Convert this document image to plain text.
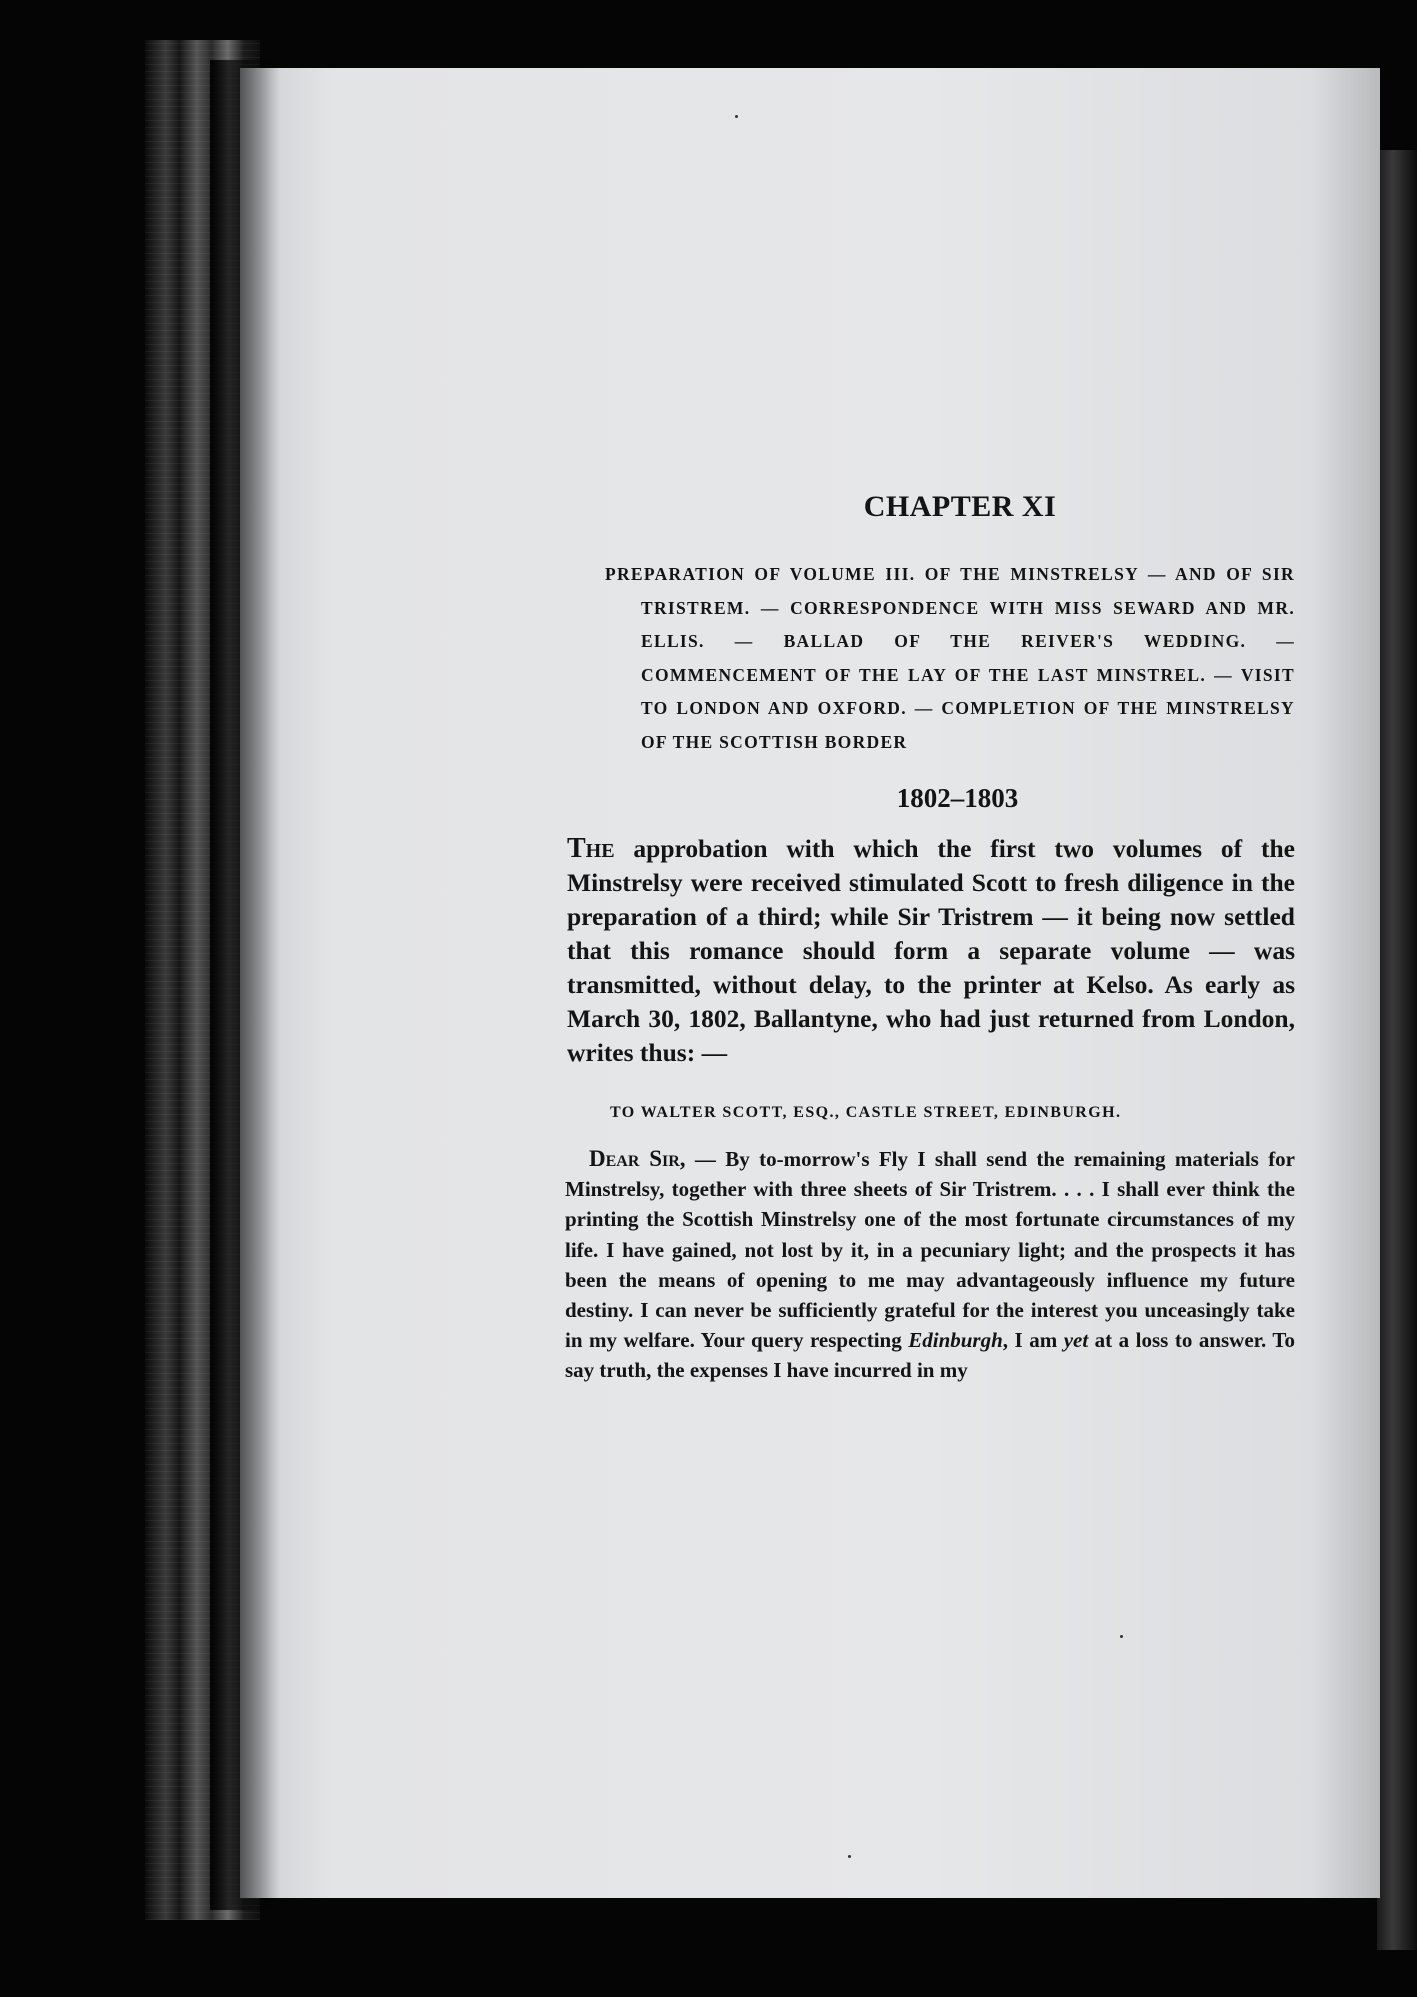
CHAPTER XI
PREPARATION OF VOLUME III. OF THE MINSTRELSY — AND OF SIR TRISTREM. — CORRESPONDENCE WITH MISS SEWARD AND MR. ELLIS. — BALLAD OF THE REIVER'S WEDDING. — COMMENCEMENT OF THE LAY OF THE LAST MINSTREL. — VISIT TO LONDON AND OXFORD. — COMPLETION OF THE MINSTRELSY OF THE SCOTTISH BORDER
1802–1803

The approbation with which the first two volumes of the Minstrelsy were received stimulated Scott to fresh diligence in the preparation of a third; while Sir Tristrem — it being now settled that this romance should form a separate volume — was transmitted, without delay, to the printer at Kelso. As early as March 30, 1802, Ballantyne, who had just returned from London, writes thus: —

TO WALTER SCOTT, ESQ., CASTLE STREET, EDINBURGH.

Dear Sir, — By to-morrow's Fly I shall send the remaining materials for Minstrelsy, together with three sheets of Sir Tristrem. . . . I shall ever think the printing the Scottish Minstrelsy one of the most fortunate circumstances of my life. I have gained, not lost by it, in a pecuniary light; and the prospects it has been the means of opening to me may advantageously influence my future destiny. I can never be sufficiently grateful for the interest you unceasingly take in my welfare. Your query respecting Edinburgh, I am yet at a loss to answer. To say truth, the expenses I have incurred in my
